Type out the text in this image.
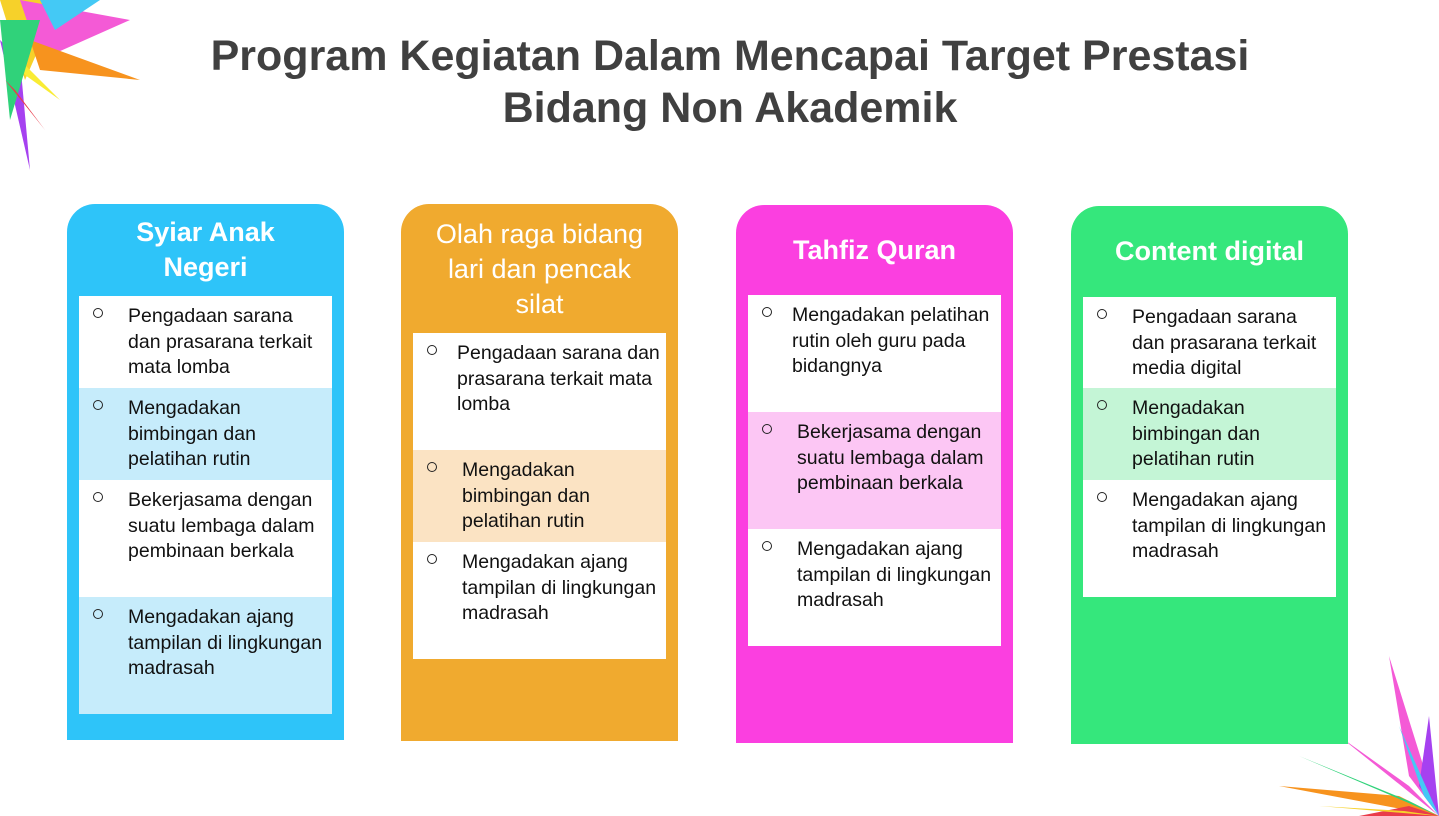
Program Kegiatan Dalam Mencapai Target Prestasi
Bidang Non Akademik
Syiar Anak
Negeri
Pengadaan sarana dan prasarana terkait mata lomba
Mengadakan bimbingan dan pelatihan rutin
Bekerjasama dengan suatu lembaga dalam pembinaan berkala
Mengadakan ajang tampilan di lingkungan madrasah
Olah raga bidang
lari dan pencak
silat
Pengadaan sarana dan prasarana terkait mata lomba
Mengadakan bimbingan dan pelatihan rutin
Mengadakan ajang tampilan di lingkungan madrasah
Tahfiz Quran
Mengadakan pelatihan rutin oleh guru pada bidangnya
Bekerjasama dengan suatu lembaga dalam pembinaan berkala
Mengadakan ajang tampilan di lingkungan madrasah
Content digital
Pengadaan sarana dan prasarana terkait media digital
Mengadakan bimbingan dan pelatihan rutin
Mengadakan ajang tampilan di lingkungan madrasah
